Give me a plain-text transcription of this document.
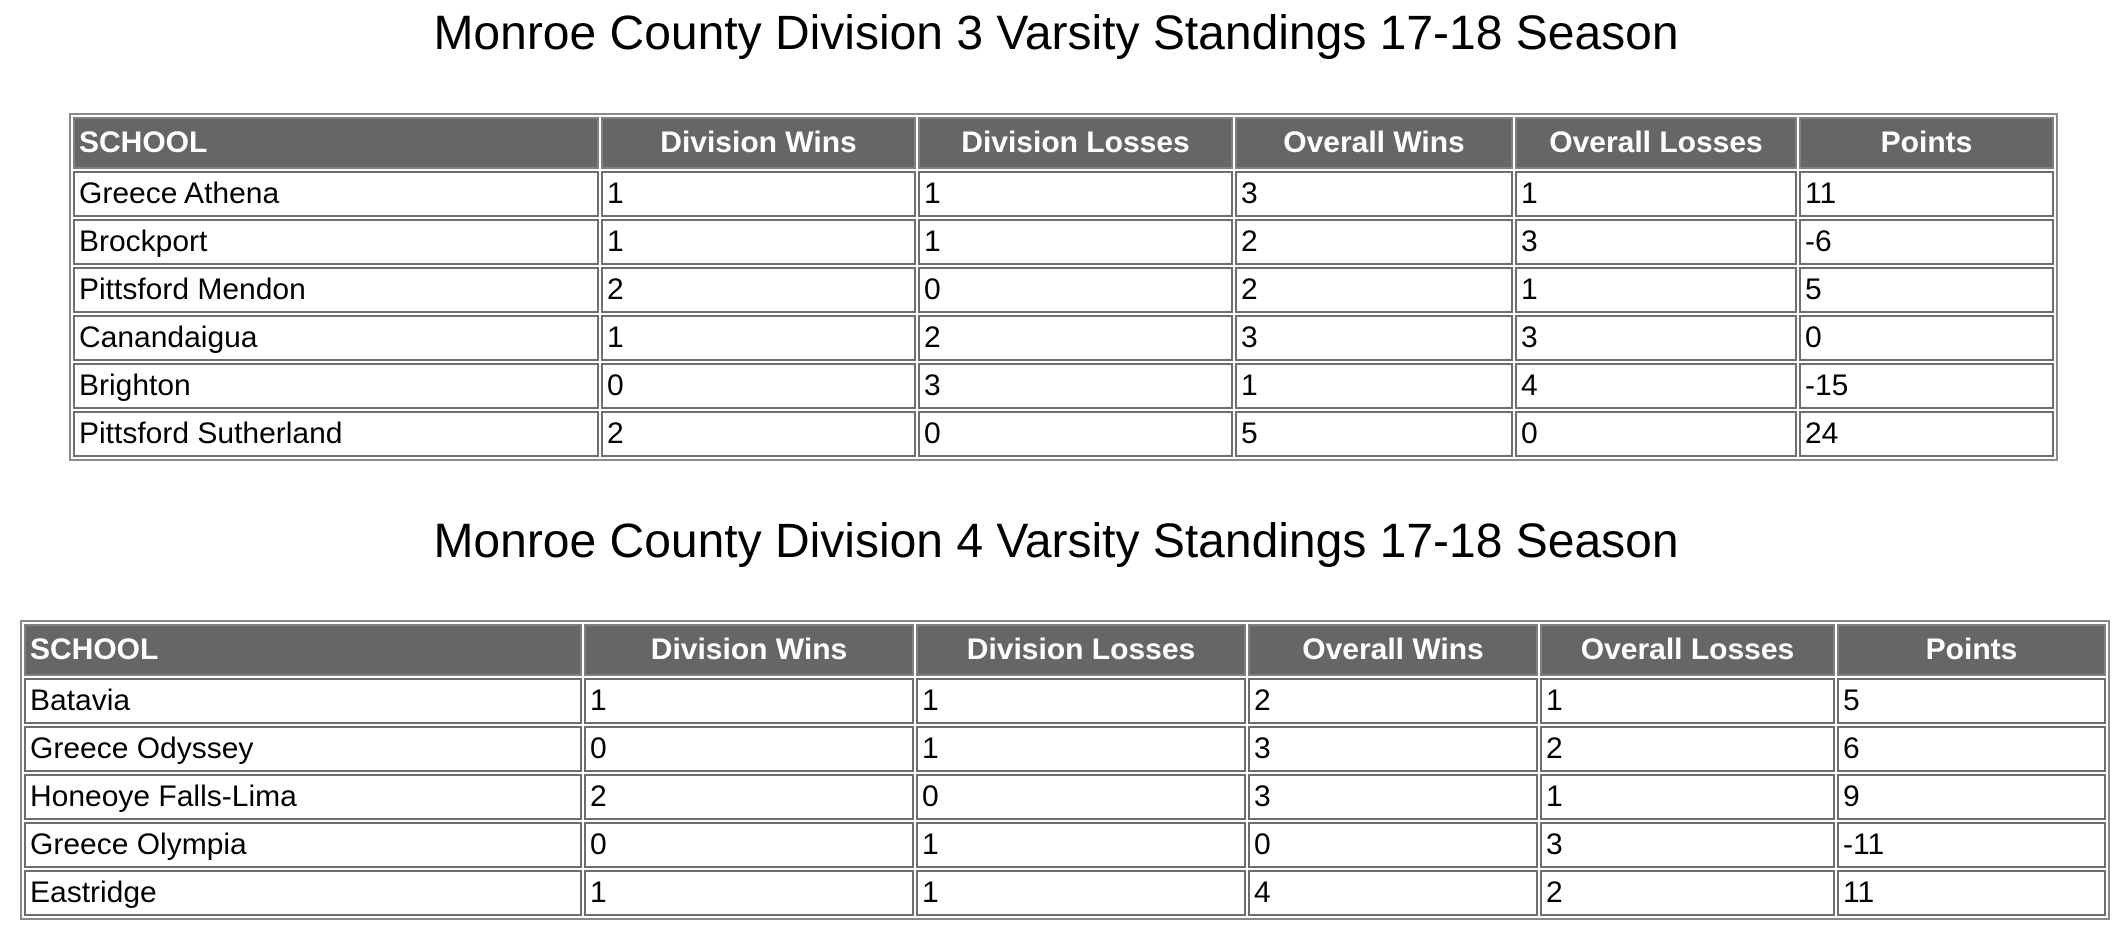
Monroe County Division 3 Varsity Standings 17-18 Season
SCHOOL	Division Wins	Division Losses	Overall Wins	Overall Losses	Points
Greece Athena	1	1	3	1	11
Brockport	1	1	2	3	-6
Pittsford Mendon	2	0	2	1	5
Canandaigua	1	2	3	3	0
Brighton	0	3	1	4	-15
Pittsford Sutherland	2	0	5	0	24
Monroe County Division 4 Varsity Standings 17-18 Season
SCHOOL	Division Wins	Division Losses	Overall Wins	Overall Losses	Points
Batavia	1	1	2	1	5
Greece Odyssey	0	1	3	2	6
Honeoye Falls-Lima	2	0	3	1	9
Greece Olympia	0	1	0	3	-11
Eastridge	1	1	4	2	11
